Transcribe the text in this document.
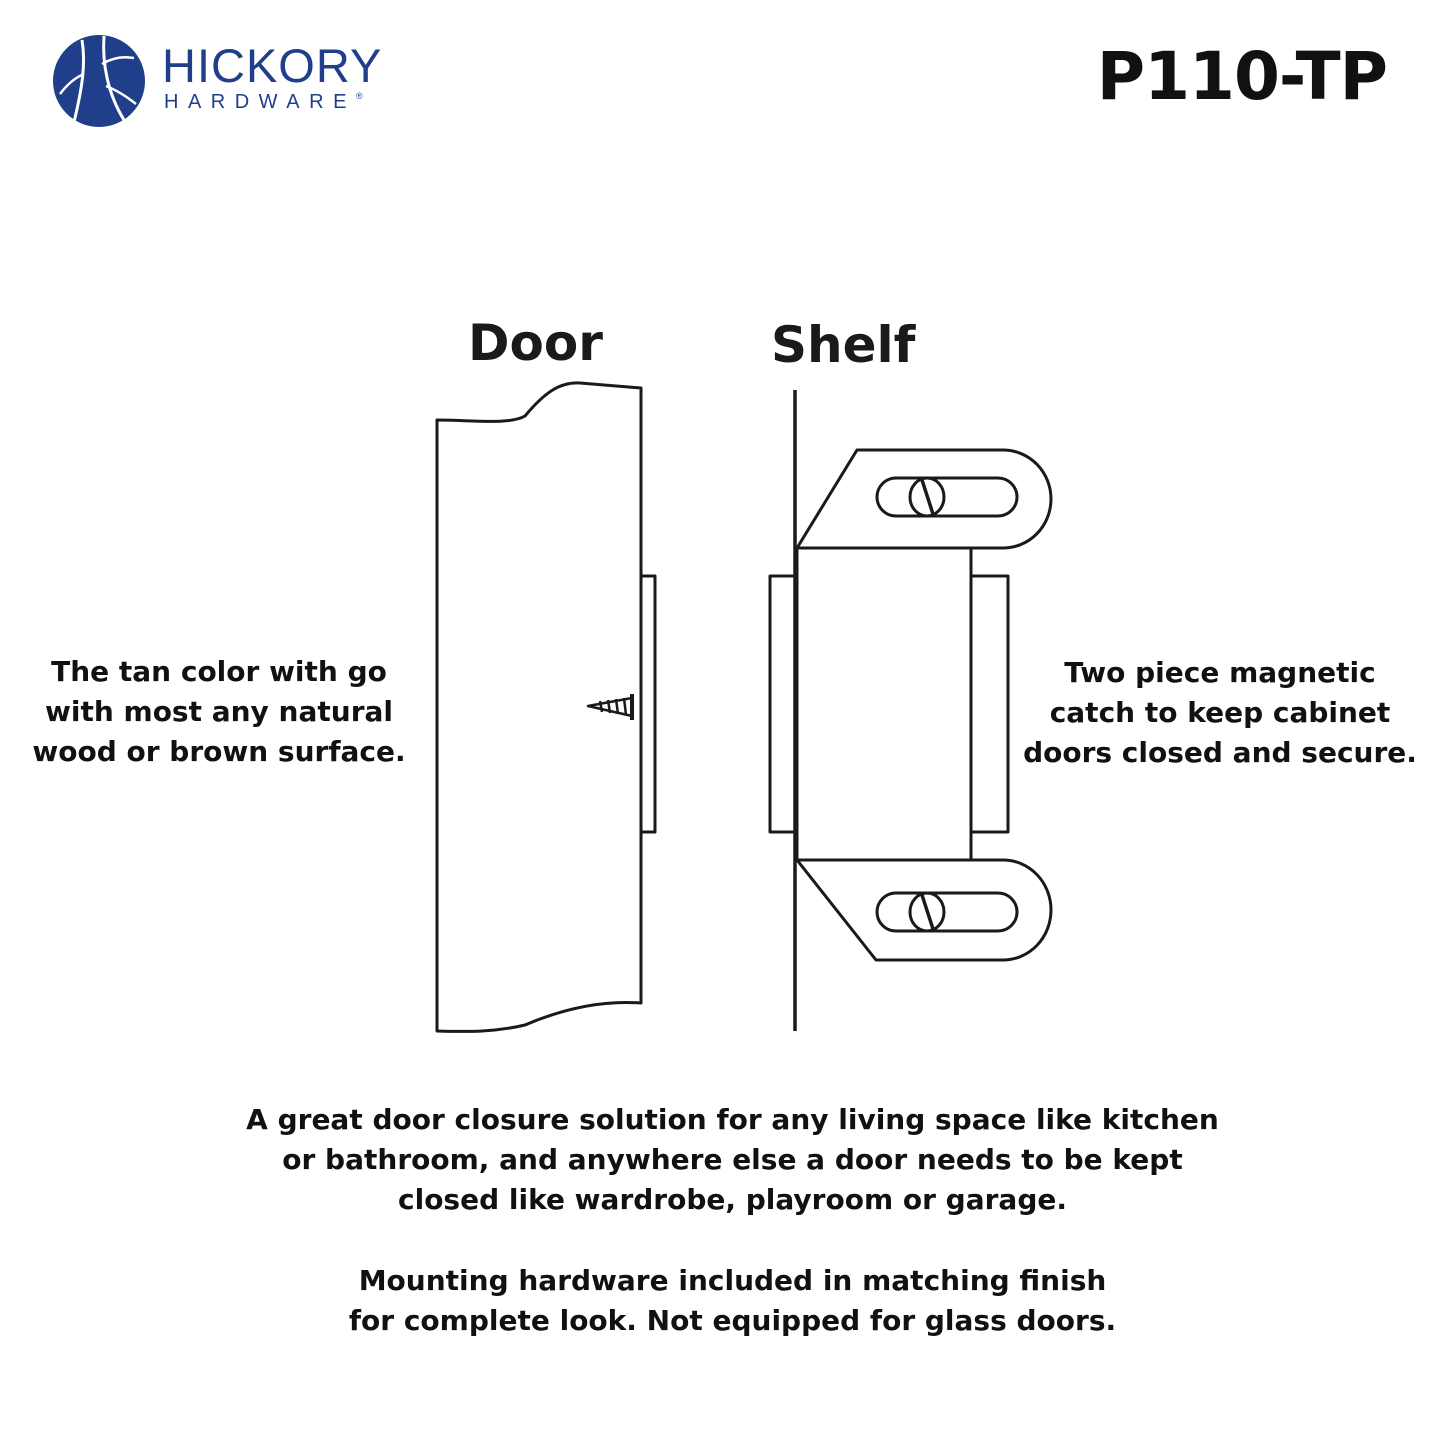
HICKORY
HARDWARE®	P110-TP
Door	Shelf
The tan color with go
with most any natural
wood or brown surface.
Two piece magnetic
catch to keep cabinet
doors closed and secure.
A great door closure solution for any living space like kitchen
or bathroom, and anywhere else a door needs to be kept
closed like wardrobe, playroom or garage.
Mounting hardware included in matching finish
for complete look. Not equipped for glass doors.
